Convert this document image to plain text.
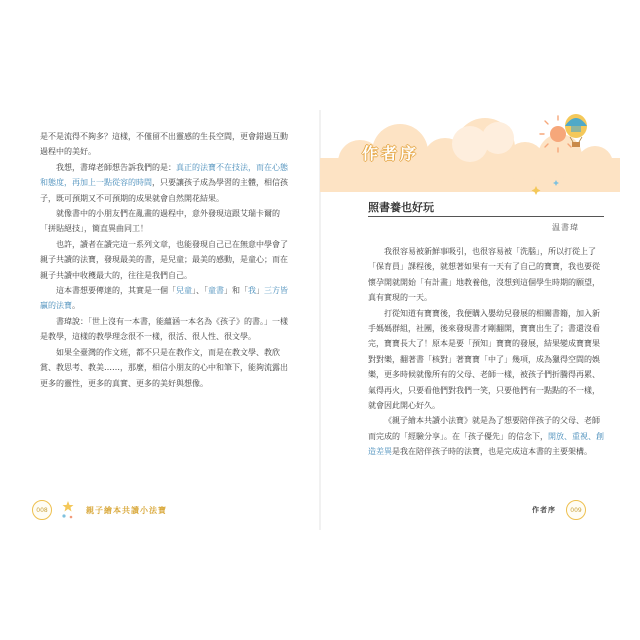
是不是流得不夠多？這樣，不僅留不出靈感的生長空間，更會錯過互動過程中的美好。

我想，書瑋老師想告訴我們的是：真正的法寶不在技法，而在心態和態度，再加上一點從容的時間，只要讓孩子成為學習的主體，相信孩子，既可預期又不可預期的成果就會自然開花結果。

就像書中的小朋友們在亂畫的過程中，意外發現這跟艾瑞卡爾的「拼貼絕技」，簡直異曲同工！

也許，讀者在讀完這一系列文章，也能發現自己已在無意中學會了親子共讀的法寶，發現最美的書，是兒童；最美的感動，是童心；而在親子共讀中收穫最大的，往往是我們自己。

這本書想要傳達的，其實是一個「兒童」、「童書」和「我」三方皆贏的法寶。

書瑋說：「世上沒有一本書，能蘊涵一本名為《孩子》的書。」一樣是教學，這樣的教學理念很不一樣，很活、很人性、很文學。

如果全臺灣的作文班，都不只是在教作文，而是在教文學、教欣賞、教思考、教美……，那麼，相信小朋友的心中和筆下，能夠流露出更多的靈性，更多的真實、更多的美好與想像。

008	親子繪本共讀小法寶
作者序
照書養也好玩
温書瑋

我很容易被新鮮事吸引，也很容易被「洗腦」，所以打從上了「保育員」課程後，就想著如果有一天有了自己的寶寶，我也要從懷孕開就開始「有計畫」地教養他，沒想到這個學生時期的願望，真有實現的一天。

打從知道有寶寶後，我便購入嬰幼兒發展的相關書籍，加入新手媽媽群組，社團，後來發現書才剛翻開，寶寶出生了；書還沒看完，寶寶長大了！原本是要「預知」寶寶的發展，結果變成寶寶果對對樂，翻著書「核對」著寶寶「中了」幾項，成為獵得空間的娛樂，更多時候就像所有的父母、老師一樣，被孩子們折騰得再累、氣得再火，只要看他們對我們一笑，只要他們有一點點的不一樣，就會因此開心好久。

《親子繪本共讀小法寶》就是為了想要陪伴孩子的父母、老師而完成的「經驗分享」。在「孩子優先」的信念下，開放、重視、創造差異是我在陪伴孩子時的法寶，也是完成這本書的主要架構。

作者序	009
